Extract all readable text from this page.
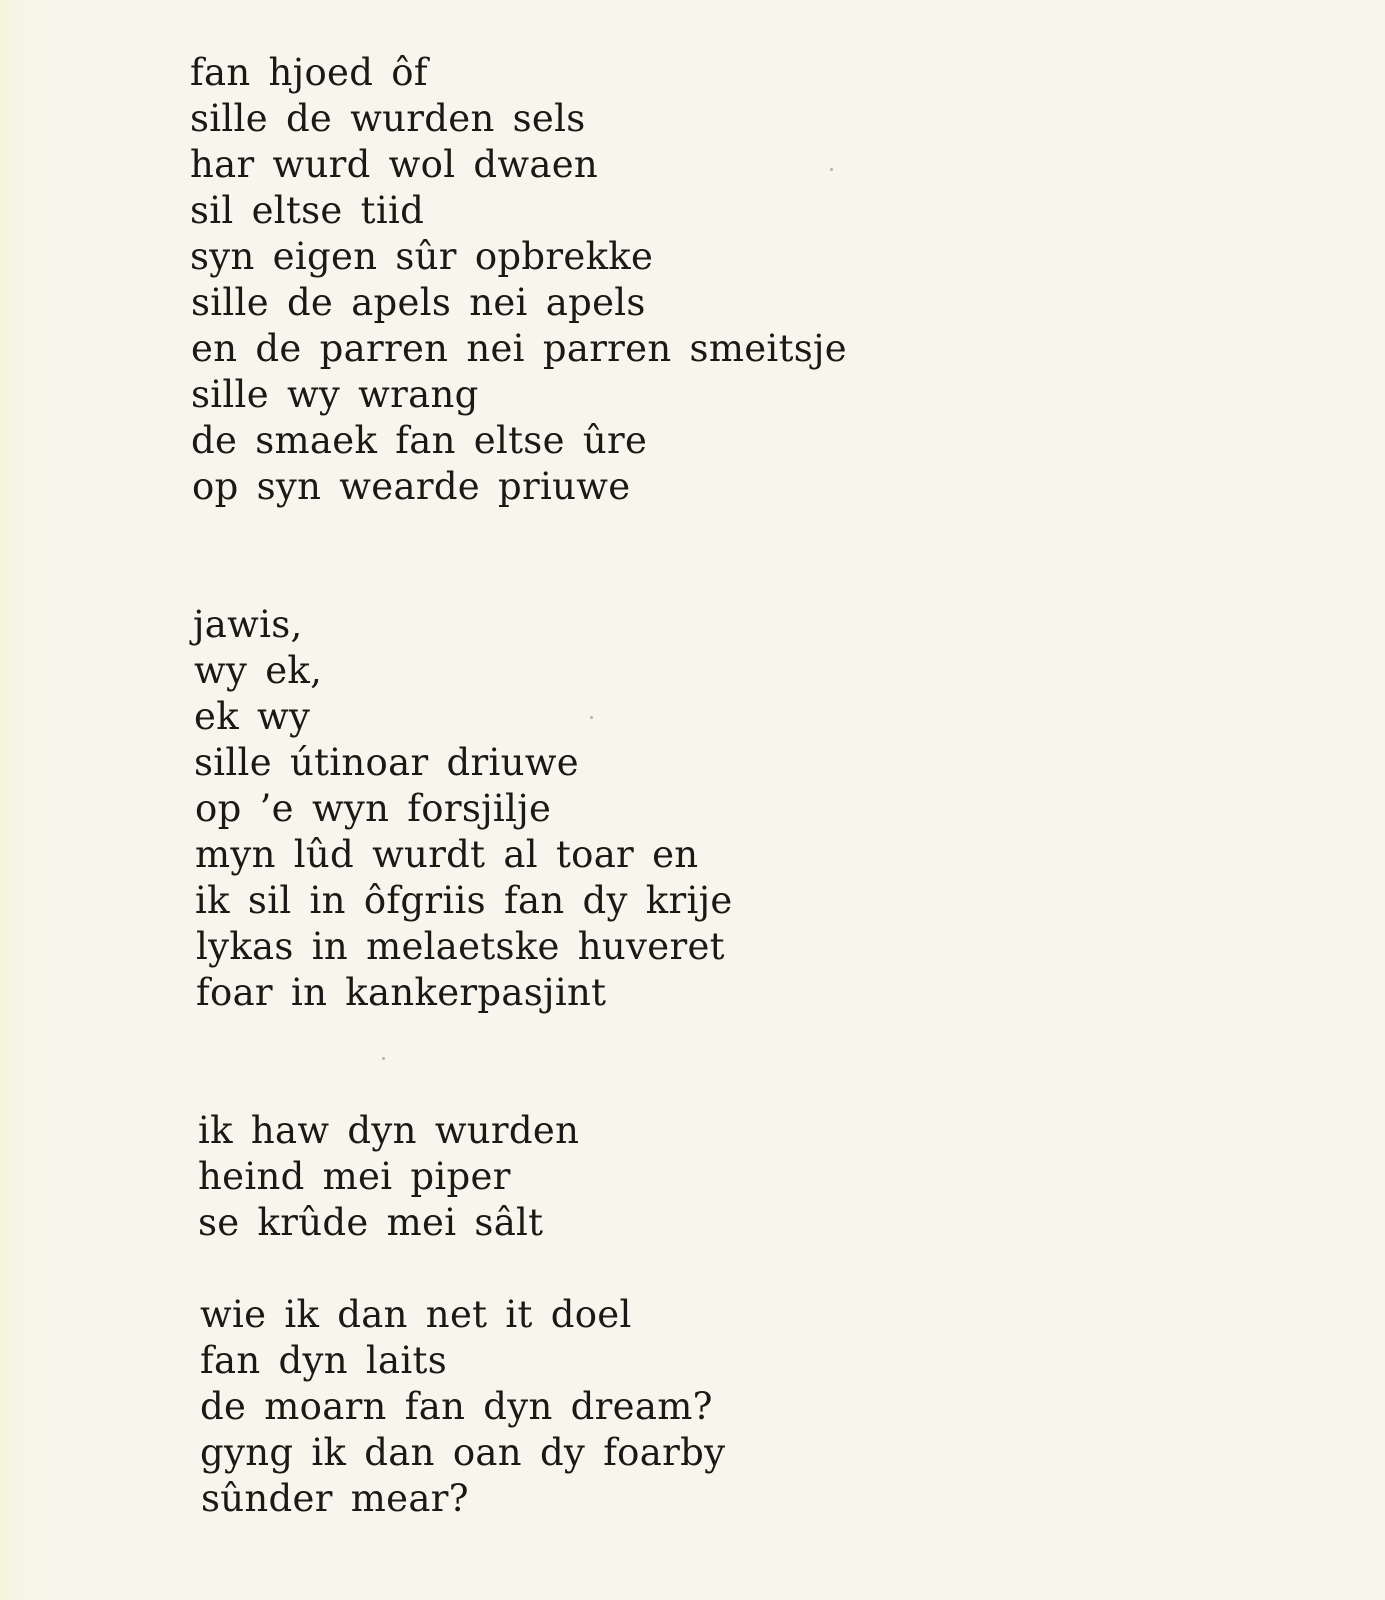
fan hjoed ôf
sille de wurden sels
har wurd wol dwaen
sil eltse tiid
syn eigen sûr opbrekke
sille de apels nei apels
en de parren nei parren smeitsje
sille wy wrang
de smaek fan eltse ûre
op syn wearde priuwe
jawis,
wy ek,
ek wy
sille útinoar driuwe
op ’e wyn forsjilje
myn lûd wurdt al toar en
ik sil in ôfgriis fan dy krije
lykas in melaetske huveret
foar in kankerpasjint
ik haw dyn wurden
heind mei piper
se krûde mei sâlt
wie ik dan net it doel
fan dyn laits
de moarn fan dyn dream?
gyng ik dan oan dy foarby
sûnder mear?
